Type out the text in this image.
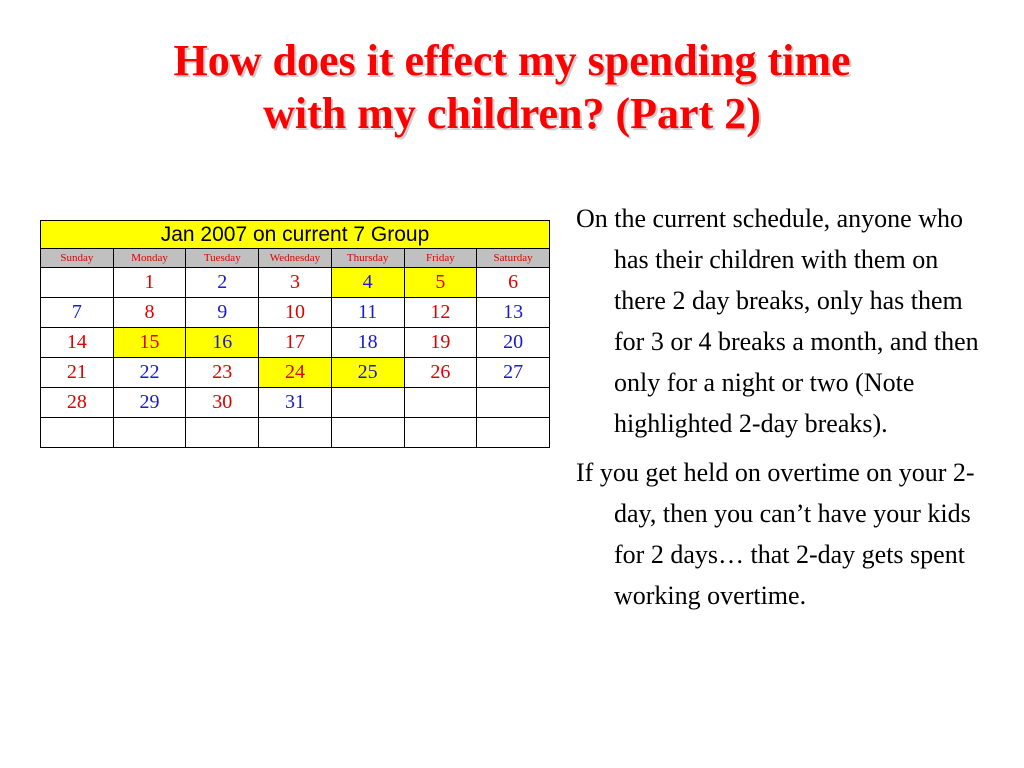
How does it effect my spending time
with my children? (Part 2)
Jan 2007 on current 7 Group						
Sunday	Monday	Tuesday	Wednesday	Thursday	Friday	Saturday
	1	2	3	4	5	6
7	8	9	10	11	12	13
14	15	16	17	18	19	20
21	22	23	24	25	26	27
28	29	30	31			

On the current schedule, anyone who has their children with them on there 2 day breaks, only has them for 3 or 4 breaks a month, and then only for a night or two (Note highlighted 2-day breaks).
If you get held on overtime on your 2-day, then you can’t have your kids for 2 days… that 2-day gets spent working overtime.
